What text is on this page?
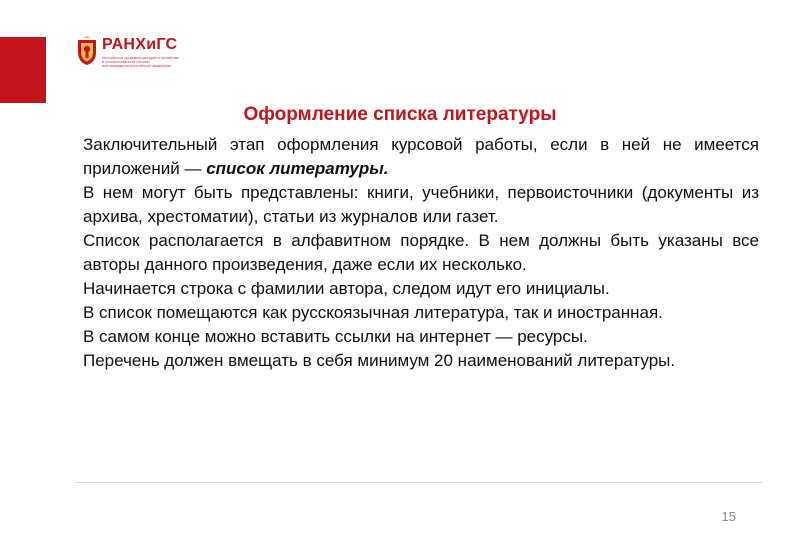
РАНХиГС
РОССИЙСКАЯ АКАДЕМИЯ НАРОДНОГО ХОЗЯЙСТВА
И ГОСУДАРСТВЕННОЙ СЛУЖБЫ
ПРИ ПРЕЗИДЕНТЕ РОССИЙСКОЙ ФЕДЕРАЦИИ
Оформление списка литературы

Заключительный этап оформления курсовой работы, если в ней не имеется приложений — список литературы.

В нем могут быть представлены: книги, учебники, первоисточники (документы из архива, хрестоматии), статьи из журналов или газет.

Список располагается в алфавитном порядке. В нем должны быть указаны все авторы данного произведения, даже если их несколько.

Начинается строка с фамилии автора, следом идут его инициалы.

В список помещаются как русскоязычная литература, так и иностранная.

В самом конце можно вставить ссылки на интернет — ресурсы.

Перечень должен вмещать в себя минимум 20 наименований литературы.

15
